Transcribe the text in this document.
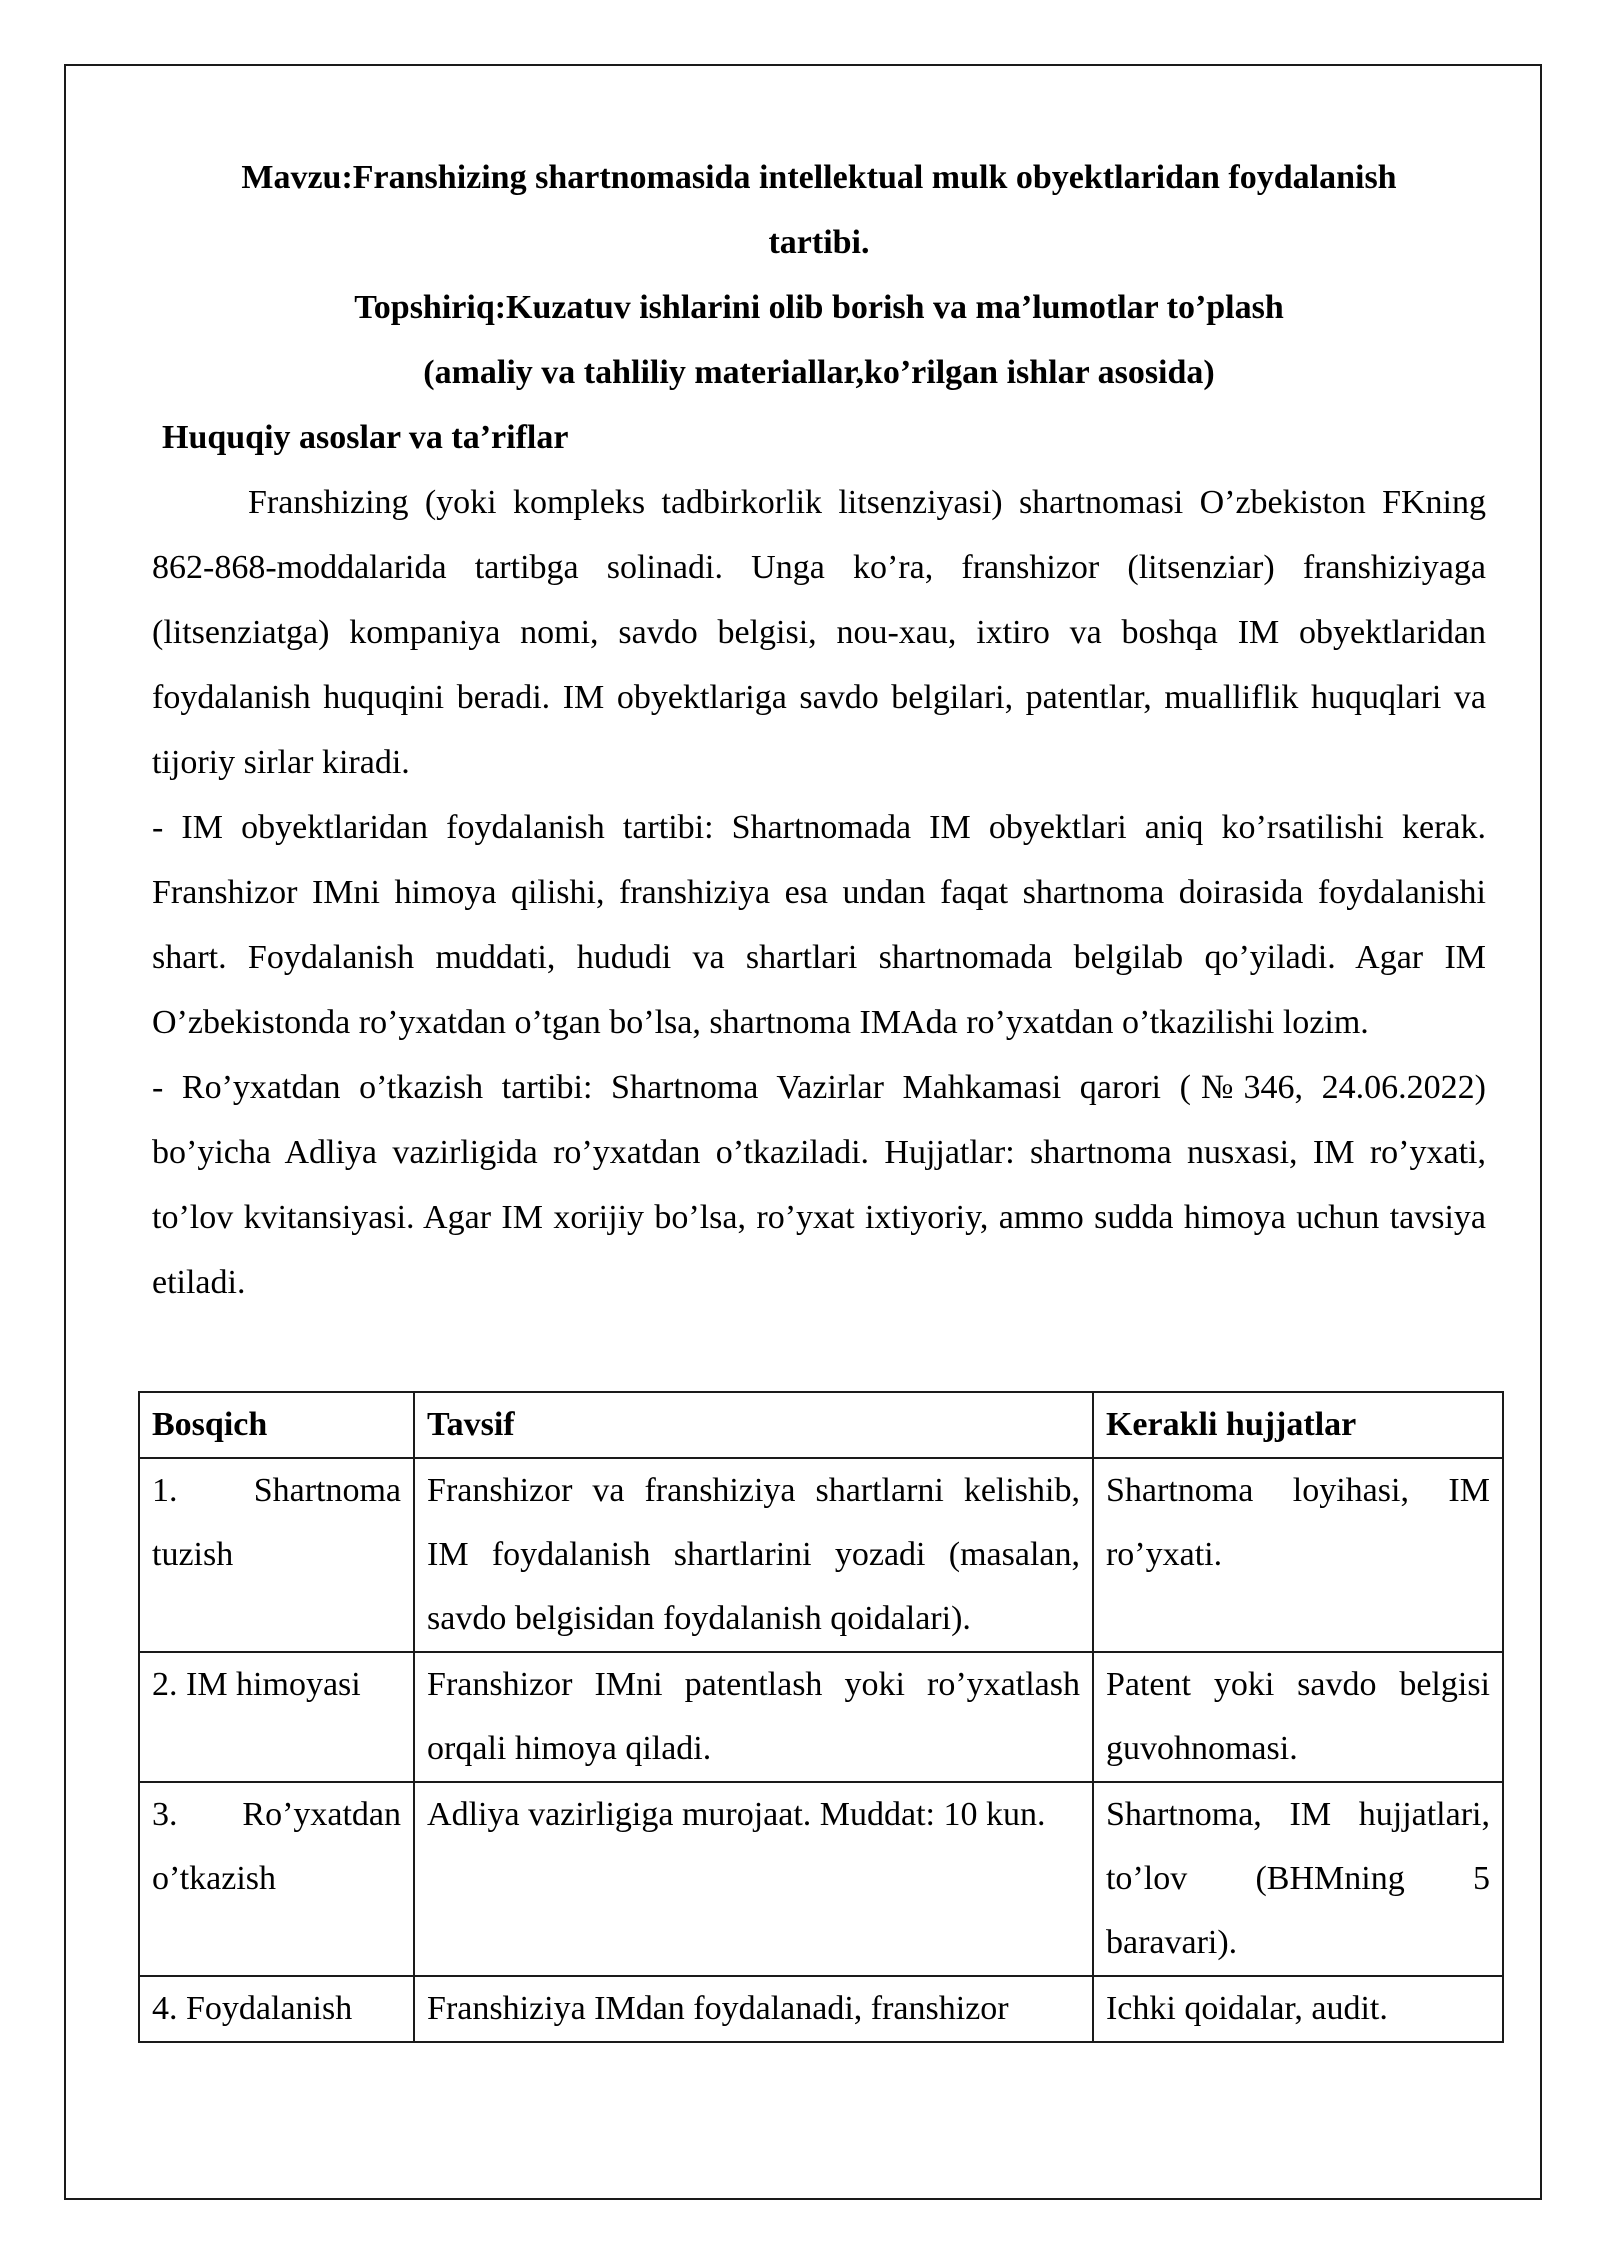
Mavzu:Franshizing shartnomasida intellektual mulk obyektlaridan foydalanish
tartibi.
Topshiriq:Kuzatuv ishlarini olib borish va ma’lumotlar to’plash
(amaliy va tahliliy materiallar,ko’rilgan ishlar asosida)
Huquqiy asoslar va ta’riflar

Franshizing (yoki kompleks tadbirkorlik litsenziyasi) shartnomasi O’zbekiston FKning 862-868-moddalarida tartibga solinadi. Unga ko’ra, franshizor (litsenziar) franshiziyaga (litsenziatga) kompaniya nomi, savdo belgisi, nou-xau, ixtiro va boshqa IM obyektlaridan foydalanish huquqini beradi. IM obyektlariga savdo belgilari, patentlar, mualliflik huquqlari va tijoriy sirlar kiradi.

- IM obyektlaridan foydalanish tartibi: Shartnomada IM obyektlari aniq ko’rsatilishi kerak. Franshizor IMni himoya qilishi, franshiziya esa undan faqat shartnoma doirasida foydalanishi shart. Foydalanish muddati, hududi va shartlari shartnomada belgilab qo’yiladi. Agar IM O’zbekistonda ro’yxatdan o’tgan bo’lsa, shartnoma IMAda ro’yxatdan o’tkazilishi lozim.

- Ro’yxatdan o’tkazish tartibi: Shartnoma Vazirlar Mahkamasi qarori (№346, 24.06.2022) bo’yicha Adliya vazirligida ro’yxatdan o’tkaziladi. Hujjatlar: shartnoma nusxasi, IM ro’yxati, to’lov kvitansiyasi. Agar IM xorijiy bo’lsa, ro’yxat ixtiyoriy, ammo sudda himoya uchun tavsiya etiladi.

Bosqich	Tavsif	Kerakli hujjatlar
1. Shartnoma tuzish	Franshizor va franshiziya shartlarni kelishib, IM foydalanish shartlarini yozadi (masalan, savdo belgisidan foydalanish qoidalari).	Shartnoma loyihasi, IM ro’yxati.
2. IM himoyasi	Franshizor IMni patentlash yoki ro’yxatlash orqali himoya qiladi.	Patent yoki savdo belgisi guvohnomasi.
3. Ro’yxatdan o’tkazish	Adliya vazirligiga murojaat. Muddat: 10 kun.	Shartnoma, IM hujjatlari, to’lov (BHMning 5 baravari).
4. Foydalanish	Franshiziya IMdan foydalanadi, franshizor	Ichki qoidalar, audit.
